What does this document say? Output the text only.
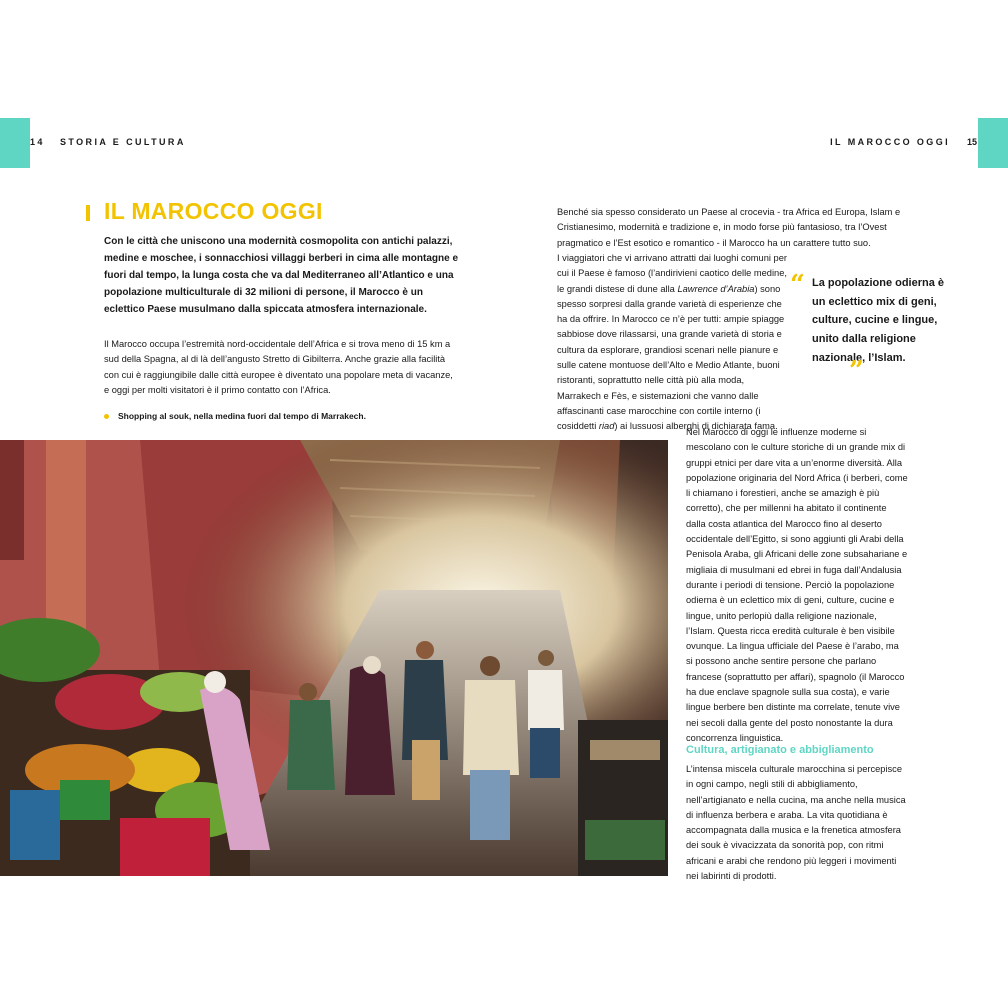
14 STORIA E CULTURA	IL MAROCCO OGGI 15
IL MAROCCO OGGI
Con le città che uniscono una modernità cosmopolita con antichi palazzi, medine e moschee, i sonnacchiosi villaggi berberi in cima alle montagne e fuori dal tempo, la lunga costa che va dal Mediterraneo all’Atlantico e una popolazione multiculturale di 32 milioni di persone, il Marocco è un eclettico Paese musulmano dalla spiccata atmosfera internazionale.
Il Marocco occupa l’estremità nord-occidentale dell’Africa e si trova meno di 15 km a sud della Spagna, al di là dell’angusto Stretto di Gibilterra. Anche grazie alla facilità con cui è raggiungibile dalle città europee è diventato una popolare meta di vacanze, e oggi per molti visitatori è il primo contatto con l’Africa.
Shopping al souk, nella medina fuori dal tempo di Marrakech.
Benché sia spesso considerato un Paese al crocevia - tra Africa ed Europa, Islam e Cristianesimo, modernità e tradizione e, in modo forse più fantasioso, tra l’Ovest pragmatico e l’Est esotico e romantico - il Marocco ha un carattere tutto suo.
I viaggiatori che vi arrivano attratti dai luoghi comuni per cui il Paese è famoso (l’andirivieni caotico delle medine, le grandi distese di dune alla Lawrence d’Arabia) sono spesso sorpresi dalla grande varietà di esperienze che ha da offrire. In Marocco ce n’è per tutti: ampie spiagge sabbiose dove rilassarsi, una grande varietà di storia e cultura da esplorare, grandiosi scenari nelle pianure e sulle catene montuose dell’Alto e Medio Atlante, buoni ristoranti, soprattutto nelle città più alla moda, Marrakech e Fès, e sistemazioni che vanno dalle affascinanti case marocchine con cortile interno (i cosiddetti riad) ai lussuosi alberghi di dichiarata fama.
“ La popolazione odierna è un eclettico mix di geni, culture, cucine e lingue, unito dalla religione nazionale, l’Islam.
”
Nel Marocco di oggi le influenze moderne si mescolano con le culture storiche di un grande mix di gruppi etnici per dare vita a un’enorme diversità. Alla popolazione originaria del Nord Africa (i berberi, come li chiamano i forestieri, anche se amazigh è più corretto), che per millenni ha abitato il continente dalla costa atlantica del Marocco fino al deserto occidentale dell’Egitto, si sono aggiunti gli Arabi della Penisola Araba, gli Africani delle zone subsahariane e migliaia di musulmani ed ebrei in fuga dall’Andalusia durante i periodi di tensione. Perciò la popolazione odierna è un eclettico mix di geni, culture, cucine e lingue, unito perlopiù dalla religione nazionale, l’Islam. Questa ricca eredità culturale è ben visibile ovunque. La lingua ufficiale del Paese è l’arabo, ma si possono anche sentire persone che parlano francese (soprattutto per affari), spagnolo (il Marocco ha due enclave spagnole sulla sua costa), e varie lingue berbere ben distinte ma correlate, tenute vive nei secoli dalla gente del posto nonostante la dura concorrenza linguistica.
Cultura, artigianato e abbigliamento
L’intensa miscela culturale marocchina si percepisce in ogni campo, negli stili di abbigliamento, nell’artigianato e nella cucina, ma anche nella musica di influenza berbera e araba. La vita quotidiana è accompagnata dalla musica e la frenetica atmosfera dei souk è vivacizzata da sonorità pop, con ritmi africani e arabi che rendono più leggeri i movimenti nei labirinti di prodotti.
